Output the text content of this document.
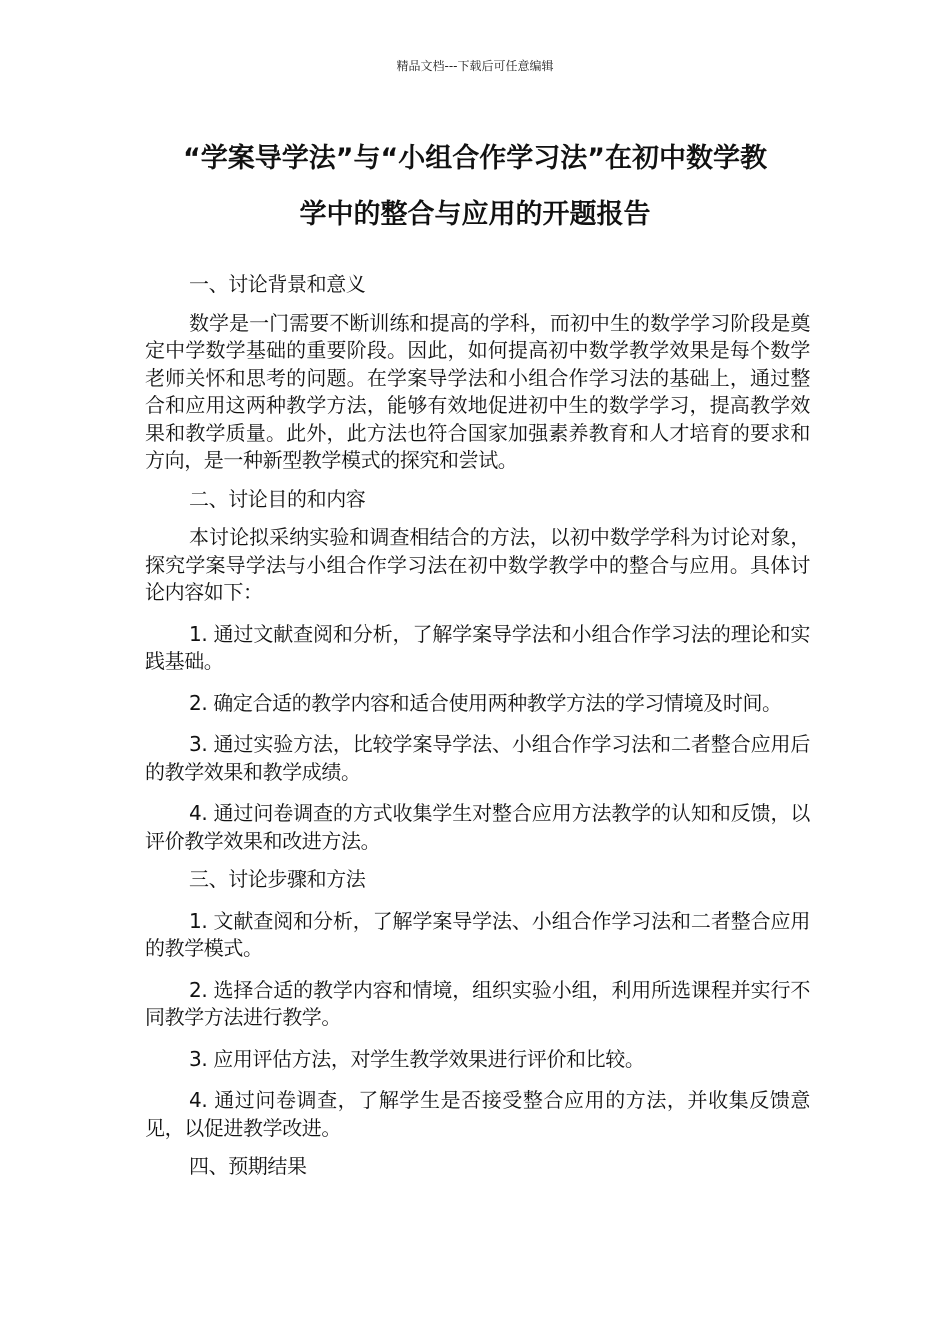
精品文档---下载后可任意编辑
“学案导学法”与“小组合作学习法”在初中数学教
学中的整合与应用的开题报告

一、讨论背景和意义

数学是一门需要不断训练和提高的学科，而初中生的数学学习阶段是奠定中学数学基础的重要阶段。因此，如何提高初中数学教学效果是每个数学老师关怀和思考的问题。在学案导学法和小组合作学习法的基础上，通过整合和应用这两种教学方法，能够有效地促进初中生的数学学习，提高教学效果和教学质量。此外，此方法也符合国家加强素养教育和人才培育的要求和方向，是一种新型教学模式的探究和尝试。

二、讨论目的和内容

本讨论拟采纳实验和调查相结合的方法，以初中数学学科为讨论对象，探究学案导学法与小组合作学习法在初中数学教学中的整合与应用。具体讨论内容如下：

1. 通过文献查阅和分析，了解学案导学法和小组合作学习法的理论和实践基础。

2. 确定合适的教学内容和适合使用两种教学方法的学习情境及时间。

3. 通过实验方法，比较学案导学法、小组合作学习法和二者整合应用后的教学效果和教学成绩。

4. 通过问卷调查的方式收集学生对整合应用方法教学的认知和反馈，以评价教学效果和改进方法。

三、讨论步骤和方法

1. 文献查阅和分析，了解学案导学法、小组合作学习法和二者整合应用的教学模式。

2. 选择合适的教学内容和情境，组织实验小组，利用所选课程并实行不同教学方法进行教学。

3. 应用评估方法，对学生教学效果进行评价和比较。

4. 通过问卷调查，了解学生是否接受整合应用的方法，并收集反馈意见，以促进教学改进。

四、预期结果
